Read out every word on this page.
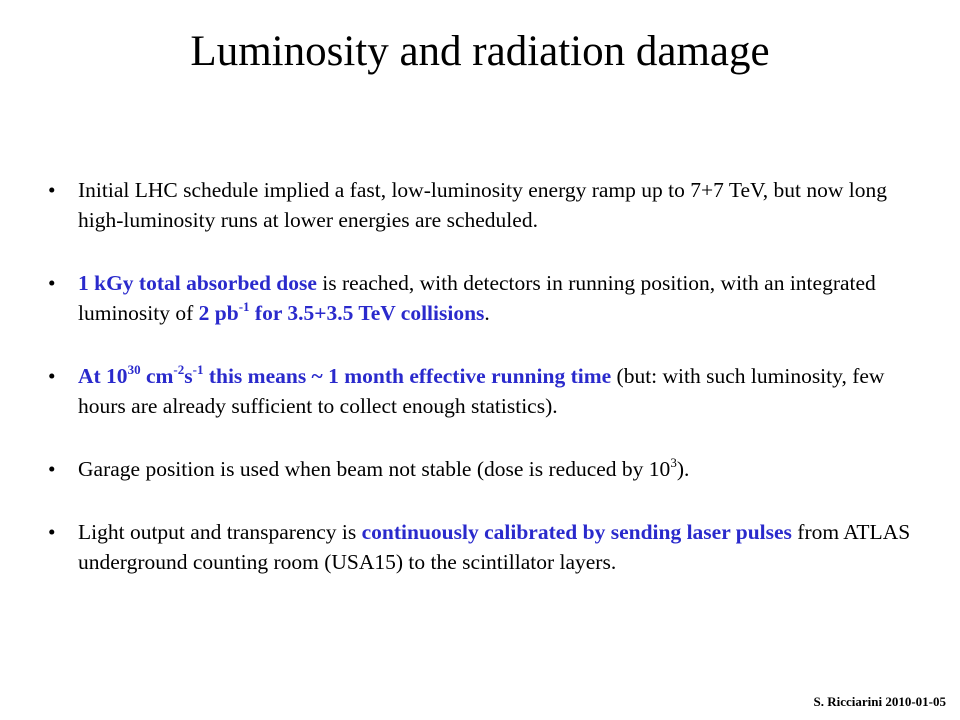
Luminosity and radiation damage
• Initial LHC schedule implied a fast, low-luminosity energy ramp up to 7+7 TeV, but now long high-luminosity runs at lower energies are scheduled.
• 1 kGy total absorbed dose is reached, with detectors in running position, with an integrated luminosity of 2 $pb^{-1}$ for 3.5+3.5 TeV collisions.
• At $10^{30}$ $cm^{-2}s^{-1}$ this means ~ 1 month effective running time (but: with such luminosity, few hours are already sufficient to collect enough statistics).
• Garage position is used when beam not stable (dose is reduced by $10^3$).
• Light output and transparency is continuously calibrated by sending laser pulses from ATLAS underground counting room (USA15) to the scintillator layers.
S. Ricciarini 2010-01-05
